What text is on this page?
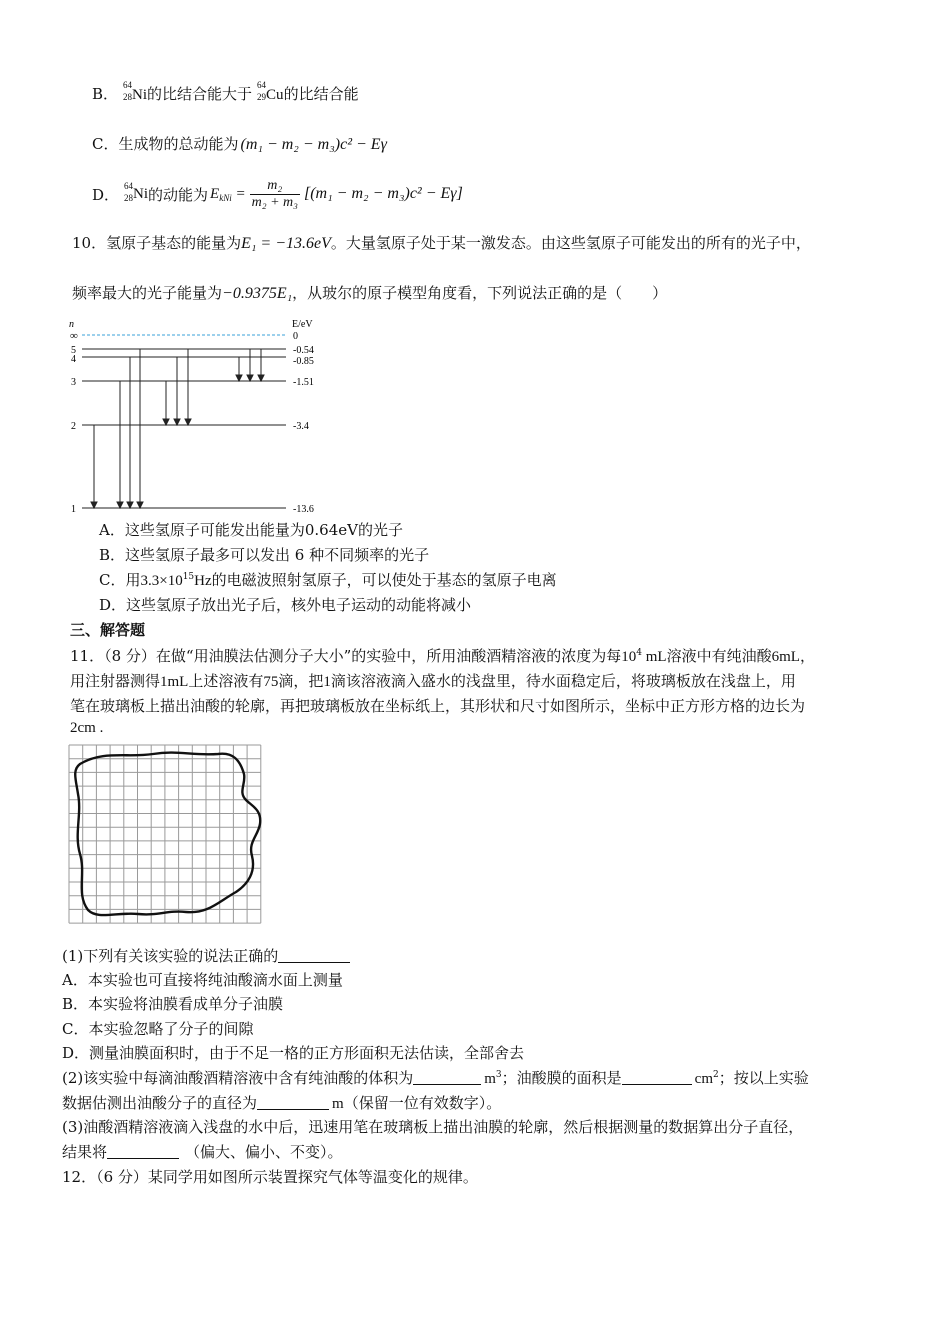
B． 64
28 Ni的比结合能大于 64
29 Cu的比结合能
C．生成物的总动能为 (m₁ − m₂ − m₃)c² − Eγ
D． 64
28 Ni 的动能为 $E_{kNi} = \frac{\text{m₂}}{\text{m₂ + m₃}} [(m_1 - m_2 - m_3)c^2 - E\gamma]$
10．氢原子基态的能量为E₁ = −13.6eV。大量氢原子处于某一激发态。由这些氢原子可能发出的所有的光子中，
频率最大的光子能量为−0.9375E₁，从玻尔的原子模型角度看，下列说法正确的是（　　）
n	E/eV
∞
5
4
3
2
1
0
-0.54
-0.85
-1.51
-3.4
-13.6
A．这些氢原子可能发出能量为0.64eV的光子
B．这些氢原子最多可以发出 6 种不同频率的光子
C．用$3.3\times 10^{15}Hz$的电磁波照射氢原子，可以使处于基态的氢原子电离
D．这些氢原子放出光子后，核外电子运动的动能将减小
三、解答题
11．（8 分）在做“用油膜法估测分子大小”的实验中，所用油酸酒精溶液的浓度为每$10^4$ mL溶液中有纯油酸6mL，
用注射器测得1mL上述溶液有75滴，把1滴该溶液滴入盛水的浅盘里，待水面稳定后，将玻璃板放在浅盘上，用
笔在玻璃板上描出油酸的轮廓，再把玻璃板放在坐标纸上，其形状和尺寸如图所示，坐标中正方形方格的边长为
2cm .
(1)下列有关该实验的说法正确的
A．本实验也可直接将纯油酸滴水面上测量
B．本实验将油膜看成单分子油膜
C．本实验忽略了分子的间隙
D．测量油膜面积时，由于不足一格的正方形面积无法估读，全部舍去
(2)该实验中每滴油酸酒精溶液中含有纯油酸的体积为	$m^3$；油酸膜的面积是	$cm^2$；按以上实验
数据估测出油酸分子的直径为	m（保留一位有效数字）。
(3)油酸酒精溶液滴入浅盘的水中后，迅速用笔在玻璃板上描出油膜的轮廓，然后根据测量的数据算出分子直径，
结果将	（偏大、偏小、不变）。
12．（6 分）某同学用如图所示装置探究气体等温变化的规律。
